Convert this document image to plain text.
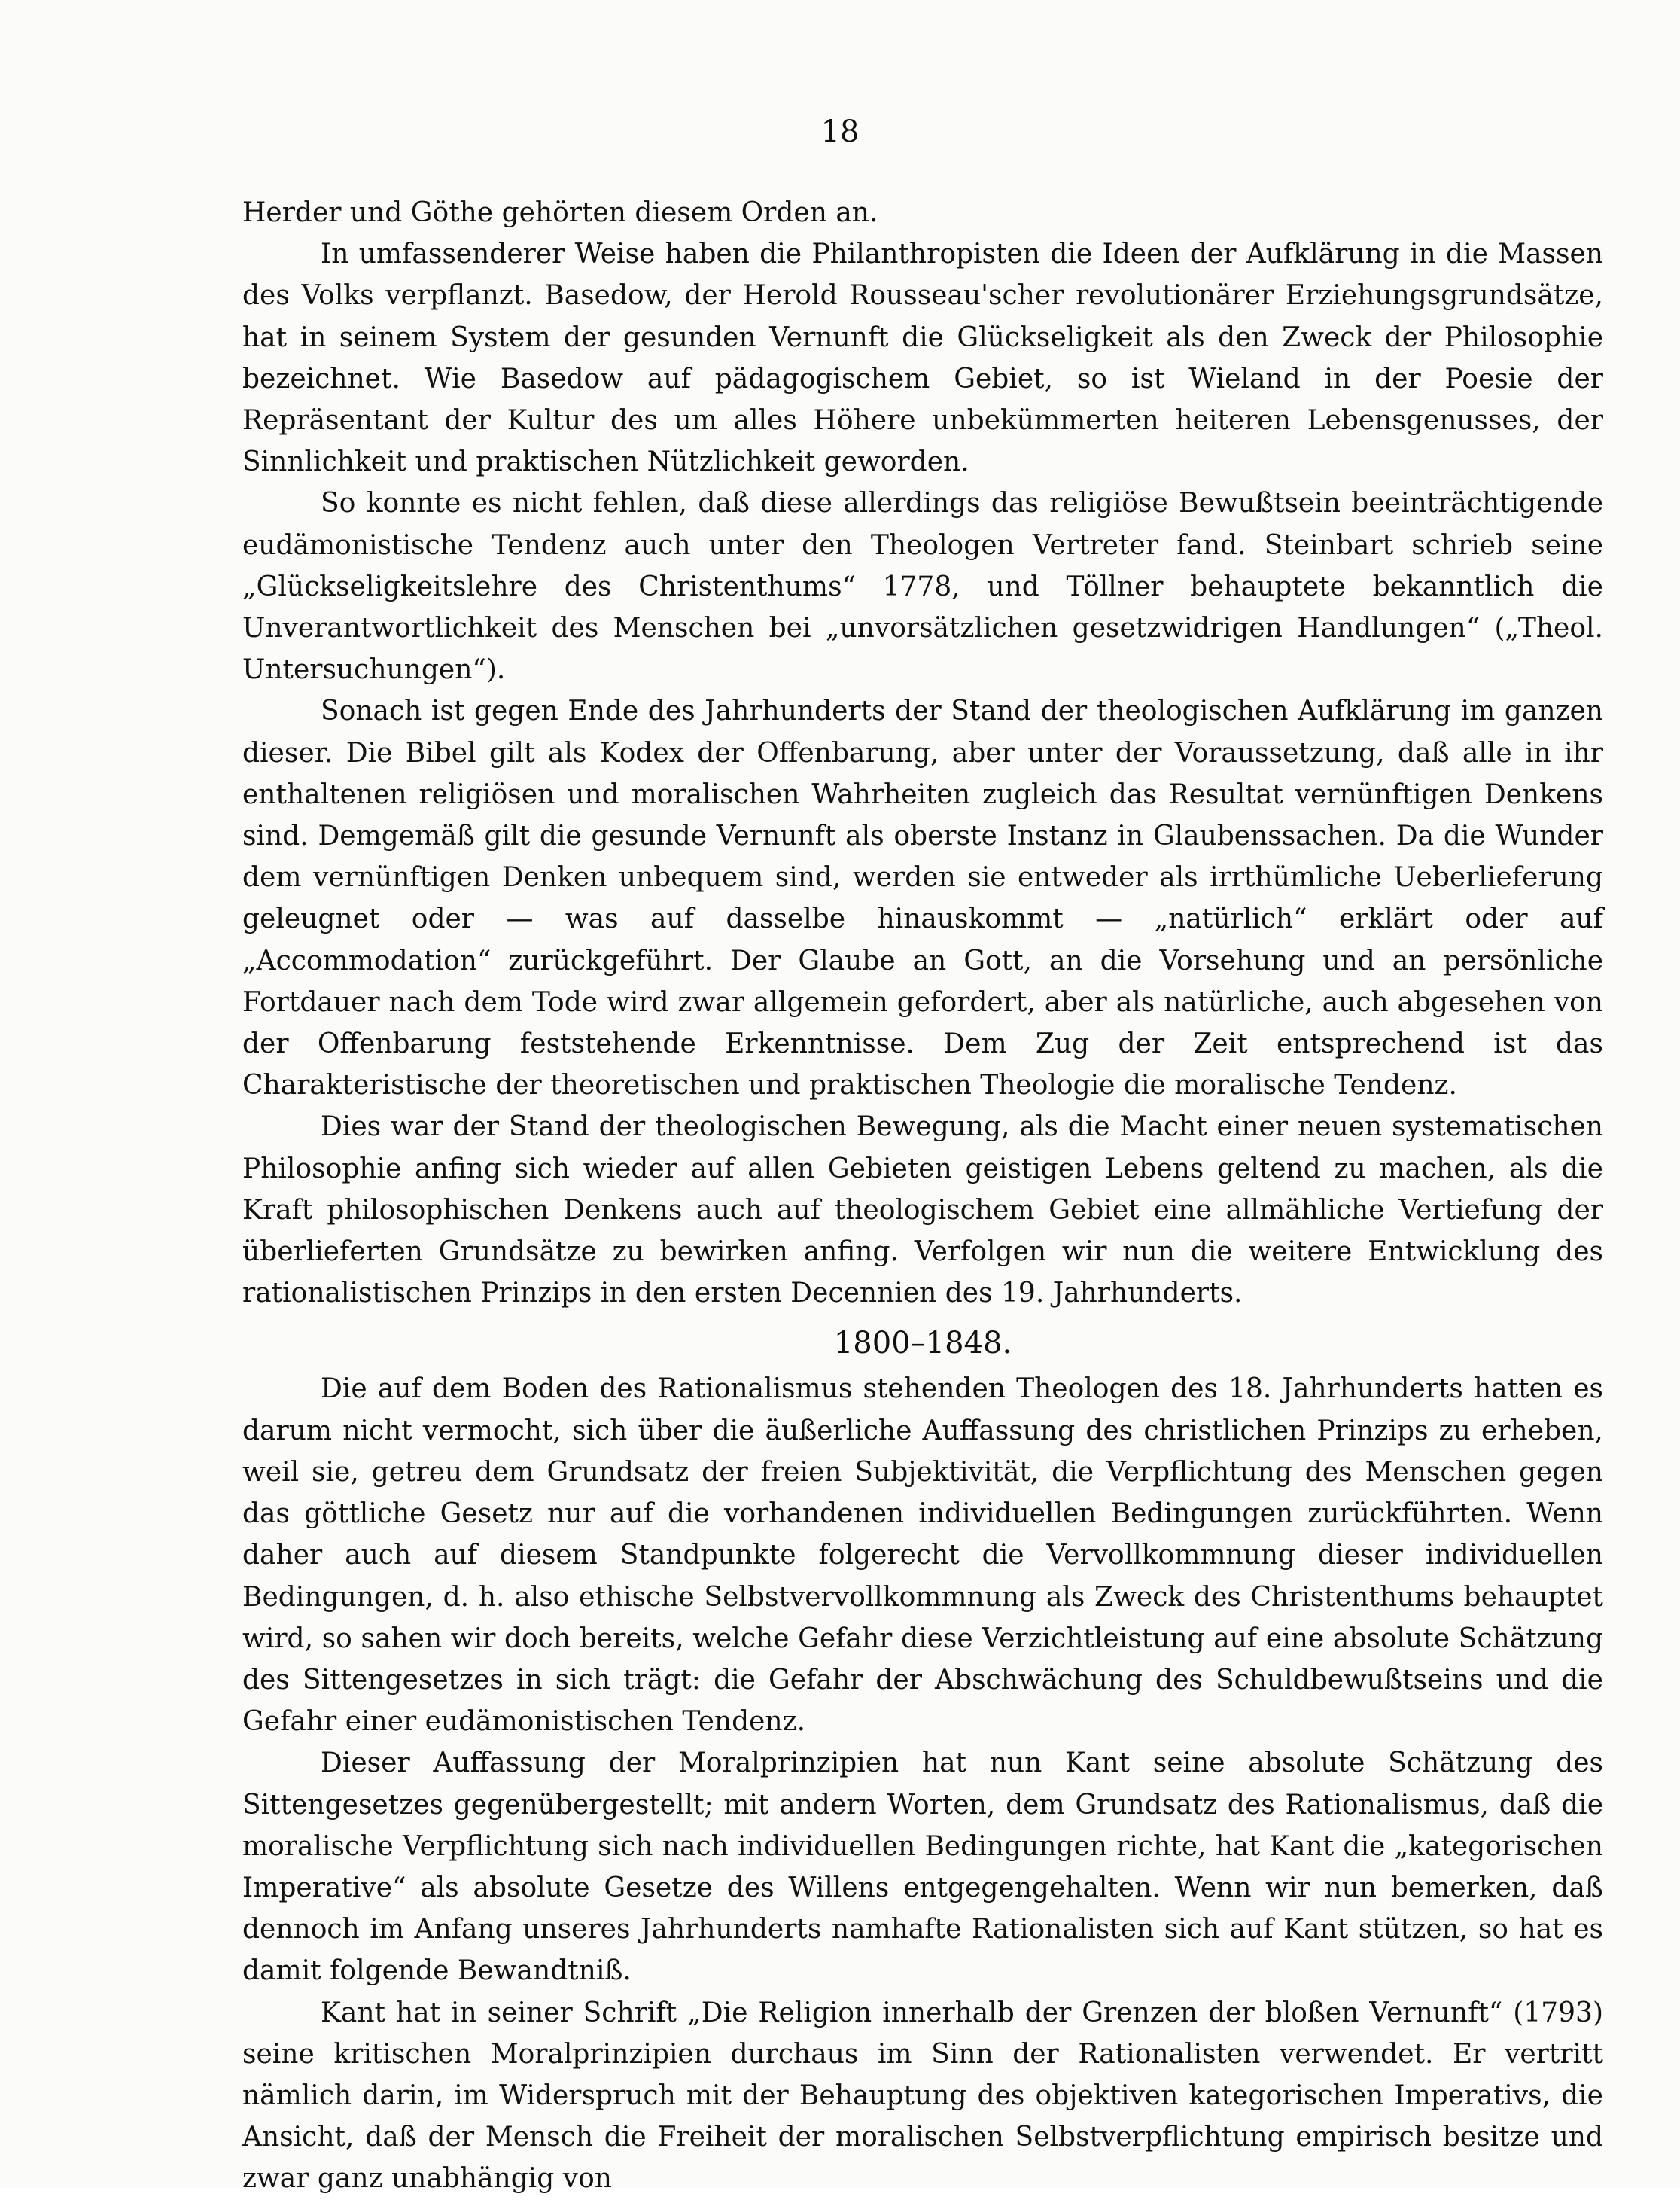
18

Herder und Göthe gehörten diesem Orden an.

In umfassenderer Weise haben die Philanthropisten die Ideen der Aufklärung in die Massen des Volks verpflanzt. Basedow, der Herold Rousseau'scher revolutionärer Erziehungsgrundsätze, hat in seinem System der gesunden Vernunft die Glückseligkeit als den Zweck der Philosophie bezeichnet. Wie Basedow auf pädagogischem Gebiet, so ist Wieland in der Poesie der Repräsentant der Kultur des um alles Höhere unbekümmerten heiteren Lebensgenusses, der Sinnlichkeit und praktischen Nützlichkeit geworden.

So konnte es nicht fehlen, daß diese allerdings das religiöse Bewußtsein beeinträchtigende eudämonistische Tendenz auch unter den Theologen Vertreter fand. Steinbart schrieb seine „Glückseligkeitslehre des Christenthums“ 1778, und Töllner behauptete bekanntlich die Unverantwortlichkeit des Menschen bei „unvorsätzlichen gesetzwidrigen Handlungen“ („Theol. Untersuchungen“).

Sonach ist gegen Ende des Jahrhunderts der Stand der theologischen Aufklärung im ganzen dieser. Die Bibel gilt als Kodex der Offenbarung, aber unter der Voraussetzung, daß alle in ihr enthaltenen religiösen und moralischen Wahrheiten zugleich das Resultat vernünftigen Denkens sind. Demgemäß gilt die gesunde Vernunft als oberste Instanz in Glaubenssachen. Da die Wunder dem vernünftigen Denken unbequem sind, werden sie entweder als irrthümliche Ueberlieferung geleugnet oder — was auf dasselbe hinauskommt — „natürlich“ erklärt oder auf „Accommodation“ zurückgeführt. Der Glaube an Gott, an die Vorsehung und an persönliche Fortdauer nach dem Tode wird zwar allgemein gefordert, aber als natürliche, auch abgesehen von der Offenbarung feststehende Erkenntnisse. Dem Zug der Zeit entsprechend ist das Charakteristische der theoretischen und praktischen Theologie die moralische Tendenz.

Dies war der Stand der theologischen Bewegung, als die Macht einer neuen systematischen Philosophie anfing sich wieder auf allen Gebieten geistigen Lebens geltend zu machen, als die Kraft philosophischen Denkens auch auf theologischem Gebiet eine allmähliche Vertiefung der überlieferten Grundsätze zu bewirken anfing. Verfolgen wir nun die weitere Entwicklung des rationalistischen Prinzips in den ersten Decennien des 19. Jahrhunderts.

1800–1848.

Die auf dem Boden des Rationalismus stehenden Theologen des 18. Jahrhunderts hatten es darum nicht vermocht, sich über die äußerliche Auffassung des christlichen Prinzips zu erheben, weil sie, getreu dem Grundsatz der freien Subjektivität, die Verpflichtung des Menschen gegen das göttliche Gesetz nur auf die vorhandenen individuellen Bedingungen zurückführten. Wenn daher auch auf diesem Standpunkte folgerecht die Vervollkommnung dieser individuellen Bedingungen, d. h. also ethische Selbstvervollkommnung als Zweck des Christenthums behauptet wird, so sahen wir doch bereits, welche Gefahr diese Verzichtleistung auf eine absolute Schätzung des Sittengesetzes in sich trägt: die Gefahr der Abschwächung des Schuldbewußtseins und die Gefahr einer eudämonistischen Tendenz.

Dieser Auffassung der Moralprinzipien hat nun Kant seine absolute Schätzung des Sittengesetzes gegenübergestellt; mit andern Worten, dem Grundsatz des Rationalismus, daß die moralische Verpflichtung sich nach individuellen Bedingungen richte, hat Kant die „kategorischen Imperative“ als absolute Gesetze des Willens entgegengehalten. Wenn wir nun bemerken, daß dennoch im Anfang unseres Jahrhunderts namhafte Rationalisten sich auf Kant stützen, so hat es damit folgende Bewandtniß.

Kant hat in seiner Schrift „Die Religion innerhalb der Grenzen der bloßen Vernunft“ (1793) seine kritischen Moralprinzipien durchaus im Sinn der Rationalisten verwendet. Er vertritt nämlich darin, im Widerspruch mit der Behauptung des objektiven kategorischen Imperativs, die Ansicht, daß der Mensch die Freiheit der moralischen Selbstverpflichtung empirisch besitze und zwar ganz unabhängig von
